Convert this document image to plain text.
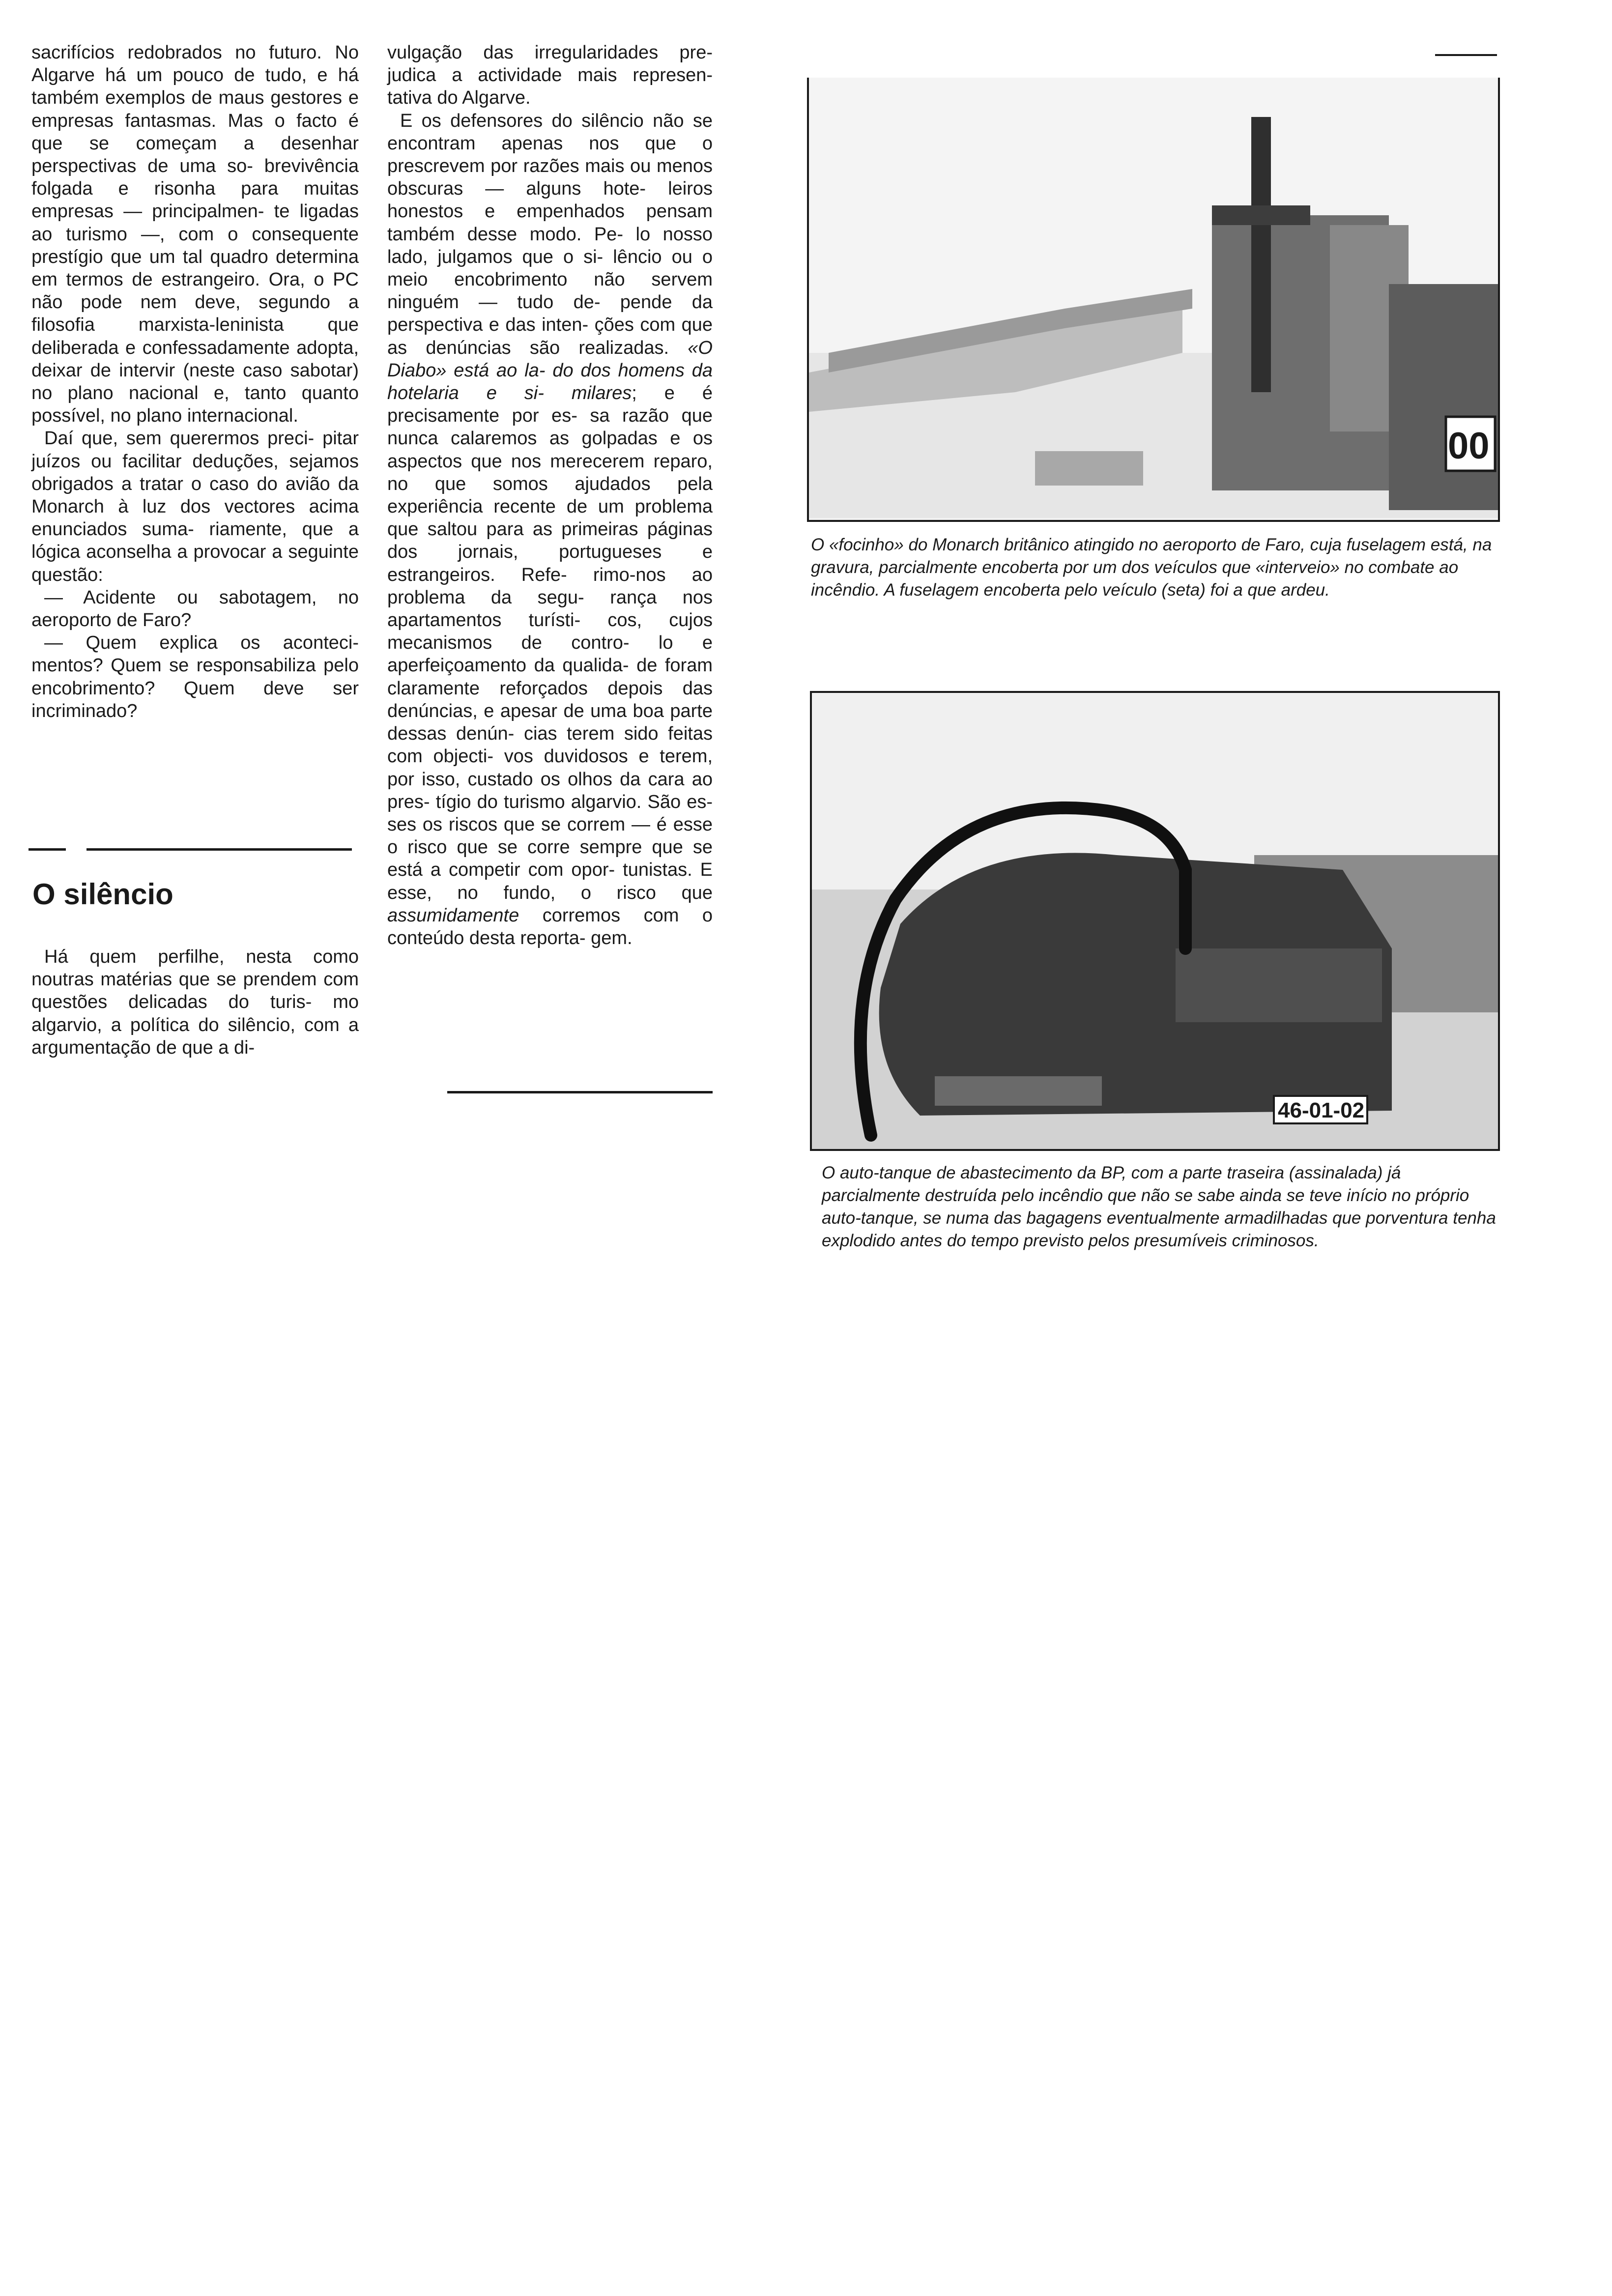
sacrifícios redobrados no futuro. No Algarve há um pouco de tudo, e há também exemplos de maus gestores e empresas fantasmas. Mas o facto é que se começam a desenhar perspectivas de uma so- brevivência folgada e risonha para muitas empresas — principalmen- te ligadas ao turismo —, com o consequente prestígio que um tal quadro determina em termos de estrangeiro. Ora, o PC não pode nem deve, segundo a filosofia marxista-leninista que deliberada e confessadamente adopta, deixar de intervir (neste caso sabotar) no plano nacional e, tanto quanto possível, no plano internacional.

Daí que, sem querermos preci- pitar juízos ou facilitar deduções, sejamos obrigados a tratar o caso do avião da Monarch à luz dos vectores acima enunciados suma- riamente, que a lógica aconselha a provocar a seguinte questão:

— Acidente ou sabotagem, no aeroporto de Faro?

— Quem explica os aconteci- mentos? Quem se responsabiliza pelo encobrimento? Quem deve ser incriminado?

O silêncio

Há quem perfilhe, nesta como noutras matérias que se prendem com questões delicadas do turis- mo algarvio, a política do silêncio, com a argumentação de que a di-

vulgação das irregularidades pre- judica a actividade mais represen- tativa do Algarve.

E os defensores do silêncio não se encontram apenas nos que o prescrevem por razões mais ou menos obscuras — alguns hote- leiros honestos e empenhados pensam também desse modo. Pe- lo nosso lado, julgamos que o si- lêncio ou o meio encobrimento não servem ninguém — tudo de- pende da perspectiva e das inten- ções com que as denúncias são realizadas. «O Diabo» está ao la- do dos homens da hotelaria e si- milares; e é precisamente por es- sa razão que nunca calaremos as golpadas e os aspectos que nos merecerem reparo, no que somos ajudados pela experiência recente de um problema que saltou para as primeiras páginas dos jornais, portugueses e estrangeiros. Refe- rimo-nos ao problema da segu- rança nos apartamentos turísti- cos, cujos mecanismos de contro- lo e aperfeiçoamento da qualida- de foram claramente reforçados depois das denúncias, e apesar de uma boa parte dessas denún- cias terem sido feitas com objecti- vos duvidosos e terem, por isso, custado os olhos da cara ao pres- tígio do turismo algarvio. São es- ses os riscos que se correm — é esse o risco que se corre sempre que se está a competir com opor- tunistas. E esse, no fundo, o risco que assumidamente corremos com o conteúdo desta reporta- gem.

00

O «focinho» do Monarch britânico atingido no aeroporto de Faro, cuja fuselagem está, na gravura, parcialmente encoberta por um dos veículos que «interveio» no combate ao incêndio. A fuselagem encoberta pelo veículo (seta) foi a que ardeu.

46-01-02

O auto-tanque de abastecimento da BP, com a parte traseira (assinalada) já parcialmente destruída pelo incêndio que não se sabe ainda se teve início no próprio auto-tanque, se numa das bagagens eventualmente armadilhadas que porventura tenha explodido antes do tempo previsto pelos presumíveis criminosos.
